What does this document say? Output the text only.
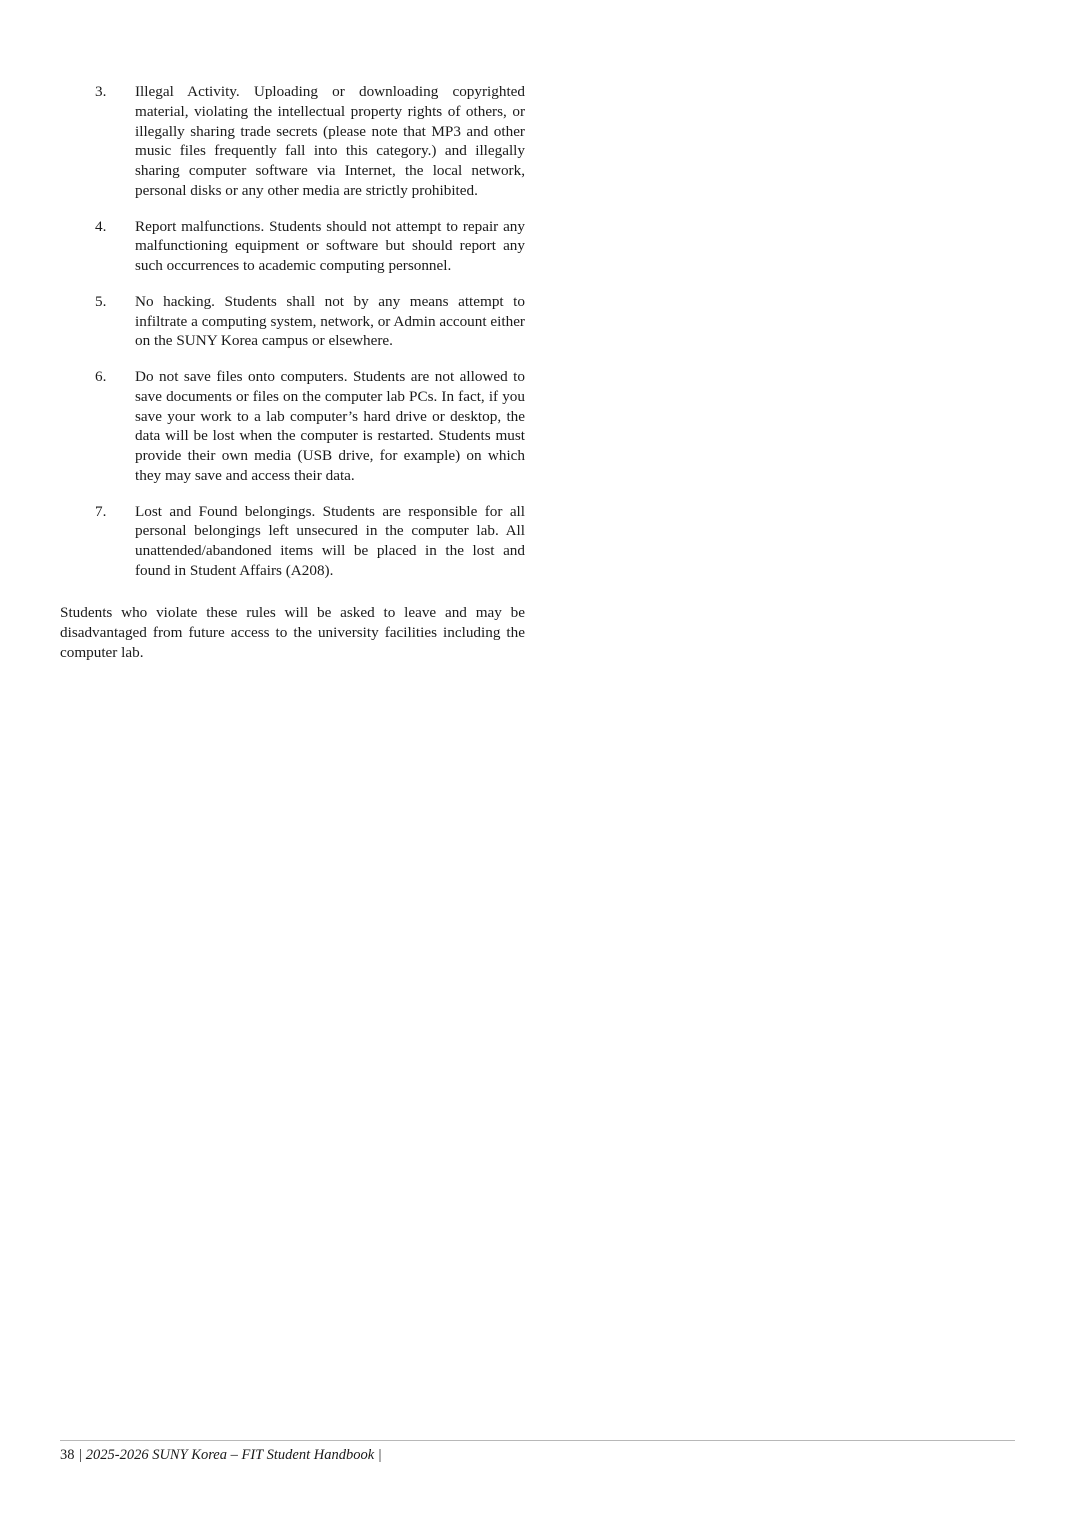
3.	Illegal Activity. Uploading or downloading copyrighted material, violating the intellectual property rights of others, or illegally sharing trade secrets (please note that MP3 and other music files frequently fall into this category.) and illegally sharing computer software via Internet, the local network, personal disks or any other media are strictly prohibited.
4.	Report malfunctions. Students should not attempt to repair any malfunctioning equipment or software but should report any such occurrences to academic computing personnel.
5.	No hacking. Students shall not by any means attempt to infiltrate a computing system, network, or Admin account either on the SUNY Korea campus or elsewhere.
6.	Do not save files onto computers. Students are not allowed to save documents or files on the computer lab PCs. In fact, if you save your work to a lab computer’s hard drive or desktop, the data will be lost when the computer is restarted. Students must provide their own media (USB drive, for example) on which they may save and access their data.
7.	Lost and Found belongings. Students are responsible for all personal belongings left unsecured in the computer lab. All unattended/abandoned items will be placed in the lost and found in Student Affairs (A208).

Students who violate these rules will be asked to leave and may be disadvantaged from future access to the university facilities including the computer lab.

38 | 2025-2026 SUNY Korea – FIT Student Handbook |
